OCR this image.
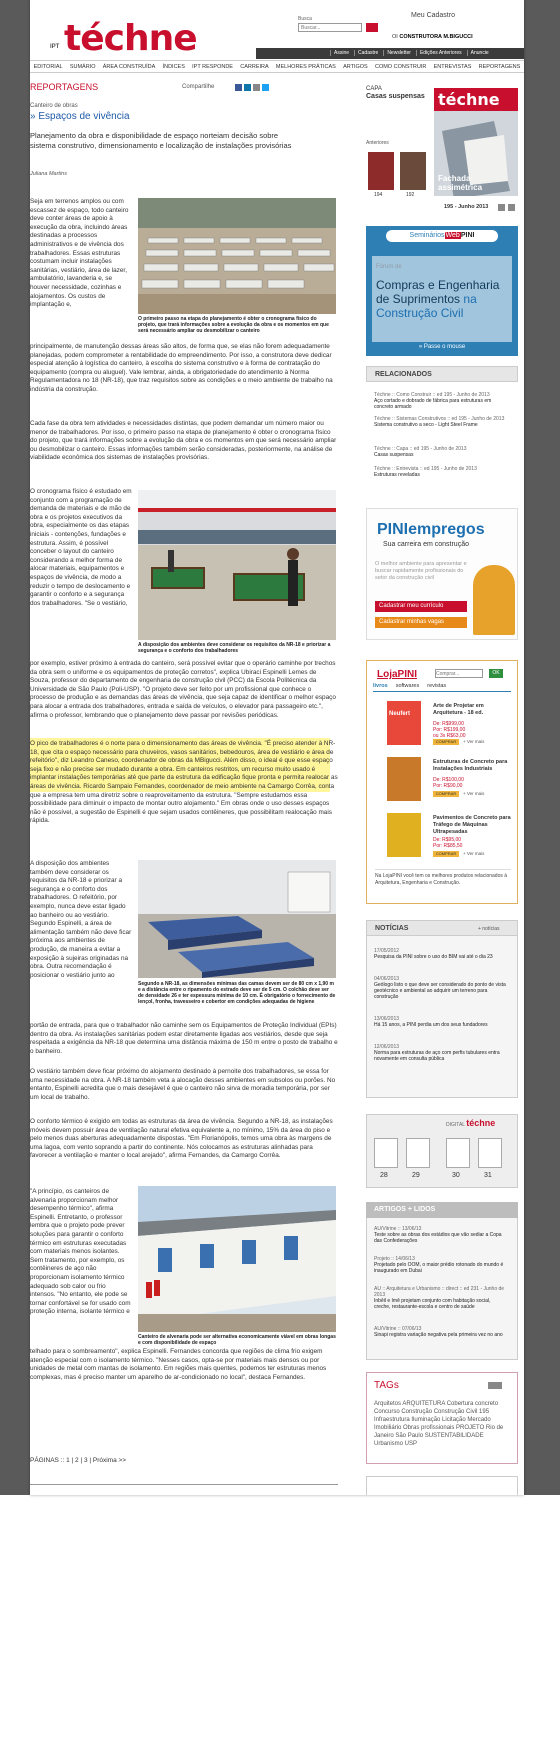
IPT téchne	Busca
Buscar...	Meu Cadastro
OI CONSTRUTORA M.BIGUCCI
Assine	Cadastre	Newsletter	Edições Anteriores	Anuncie
EDITORIAL SUMÁRIO ÁREA CONSTRUÍDA ÍNDICES IPT RESPONDE CARREIRA MELHORES PRÁTICAS ARTIGOS COMO CONSTRUIR ENTREVISTAS REPORTAGENS
REPORTAGENS	Compartilhe
Canteiro de obras
» Espaços de vivência
Planejamento da obra e disponibilidade de espaço norteiam decisão sobre sistema construtivo, dimensionamento e localização de instalações provisórias
Juliana Martins
Seja em terrenos amplos ou com escassez de espaço, todo canteiro deve conter áreas de apoio à execução da obra, incluindo áreas destinadas a processos administrativos e de vivência dos trabalhadores. Essas estruturas costumam incluir instalações sanitárias, vestiário, área de lazer, ambulatório, lavanderia e, se houver necessidade, cozinhas e alojamentos. Os custos de implantação e,
O primeiro passo na etapa do planejamento é obter o cronograma físico do projeto, que trará informações sobre a evolução da obra e os momentos em que será necessário ampliar ou desmobilizar o canteiro
principalmente, de manutenção dessas áreas são altos, de forma que, se elas não forem adequadamente planejadas, podem comprometer a rentabilidade do empreendimento. Por isso, a construtora deve dedicar especial atenção à logística do canteiro, à escolha do sistema construtivo e à forma de contratação do equipamento (compra ou aluguel). Vale lembrar, ainda, a obrigatoriedade do atendimento à Norma Regulamentadora no 18 (NR-18), que traz requisitos sobre as condições e o meio ambiente de trabalho na indústria da construção.
Cada fase da obra tem atividades e necessidades distintas, que podem demandar um número maior ou menor de trabalhadores. Por isso, o primeiro passo na etapa de planejamento é obter o cronograma físico do projeto, que trará informações sobre a evolução da obra e os momentos em que será necessário ampliar ou desmobilizar o canteiro. Essas informações também serão consideradas, posteriormente, na análise de viabilidade econômica dos sistemas de instalações provisórias.
O cronograma físico é estudado em conjunto com a programação de demanda de materiais e de mão de obra e os projetos executivos da obra, especialmente os das etapas iniciais - contenções, fundações e estrutura. Assim, é possível conceber o layout do canteiro considerando a melhor forma de alocar materiais, equipamentos e espaços de vivência, de modo a reduzir o tempo de deslocamento e garantir o conforto e a segurança dos trabalhadores. "Se o vestiário,
A disposição dos ambientes deve considerar os requisitos da NR-18 e priorizar a segurança e o conforto dos trabalhadores
por exemplo, estiver próximo à entrada do canteiro, será possível evitar que o operário caminhe por trechos da obra sem o uniforme e os equipamentos de proteção corretos", explica Ubiraci Espinelli Lemes de Souza, professor do departamento de engenharia de construção civil (PCC) da Escola Politécnica da Universidade de São Paulo (Poli-USP). "O projeto deve ser feito por um profissional que conhece o processo de produção e as demandas das áreas de vivência, que seja capaz de identificar o melhor espaço para alocar a entrada dos trabalhadores, entrada e saída de veículos, o elevador para passageiro etc.", afirma o professor, lembrando que o planejamento deve passar por revisões periódicas.
O pico de trabalhadores é o norte para o dimensionamento das áreas de vivência. "É preciso atender à NR-18, que cita o espaço necessário para chuveiros, vasos sanitários, bebedouros, área de vestiário e área de refeitório", diz Leandro Caneso, coordenador de obras da MBigucci. Além disso, o ideal é que esse espaço seja fixo e não precise ser mudado durante a obra. Em canteiros restritos, um recurso muito usado é implantar instalações temporárias até que parte da estrutura da edificação fique pronta e permita realocar as áreas de vivência. Ricardo Sampaio Fernandes, coordenador de meio ambiente na Camargo Corrêa, conta que a empresa tem uma diretriz sobre o reaproveitamento da estrutura. "Sempre estudamos essa possibilidade para diminuir o impacto de montar outro alojamento." Em obras onde o uso desses espaços não é possível, a sugestão de Espinelli é que sejam usados contêineres, que possibilitam realocação mais rápida.
A disposição dos ambientes também deve considerar os requisitos da NR-18 e priorizar a segurança e o conforto dos trabalhadores. O refeitório, por exemplo, nunca deve estar ligado ao banheiro ou ao vestiário. Segundo Espinelli, a área de alimentação também não deve ficar próxima aos ambientes de produção, de maneira a evitar a exposição à sujeiras originadas na obra. Outra recomendação é posicionar o vestiário junto ao
Segundo a NR-18, as dimensões mínimas das camas devem ser de 80 cm x 1,90 m e a distância entre o ripamento do estrado deve ser de 5 cm. O colchão deve ser de densidade 26 e ter espessura mínima de 10 cm. É obrigatório o fornecimento de lençol, fronha, travesseiro e cobertor em condições adequadas de higiene
portão de entrada, para que o trabalhador não caminhe sem os Equipamentos de Proteção Individual (EPIs) dentro da obra. As instalações sanitárias podem estar diretamente ligadas aos vestiários, desde que seja respeitada a exigência da NR-18 que determina uma distância máxima de 150 m entre o posto de trabalho e o banheiro.
O vestiário também deve ficar próximo do alojamento destinado à pernoite dos trabalhadores, se essa for uma necessidade na obra. A NR-18 também veta a alocação desses ambientes em subsolos ou porões. No entanto, Espinelli acredita que o mais desejável é que o canteiro não sirva de moradia temporária, por ser um local de trabalho.
O conforto térmico é exigido em todas as estruturas da área de vivência. Segundo a NR-18, as instalações móveis devem possuir área de ventilação natural efetiva equivalente a, no mínimo, 15% da área do piso e pelo menos duas aberturas adequadamente dispostas. "Em Florianópolis, temos uma obra às margens de uma lagoa, com vento soprando a partir do continente. Nós colocamos as estruturas alinhadas para favorecer a ventilação e manter o local arejado", afirma Fernandes, da Camargo Corrêa.
"A princípio, os canteiros de alvenaria proporcionam melhor desempenho térmico", afirma Espinelli. Entretanto, o professor lembra que o projeto pode prever soluções para garantir o conforto térmico em estruturas executadas com materiais menos isolantes. Sem tratamento, por exemplo, os contêineres de aço não proporcionam isolamento térmico adequado sob calor ou frio intensos. "No entanto, ele pode se tornar confortável se for usado com proteção interna, isolante térmico e
Canteiro de alvenaria pode ser alternativa economicamente viável em obras longas e com disponibilidade de espaço
telhado para o sombreamento", explica Espinelli. Fernandes concorda que regiões de clima frio exigem atenção especial com o isolamento térmico. "Nesses casos, opta-se por materiais mais densos ou por unidades de metal com mantas de isolamento. Em regiões mais quentes, podemos ter estruturas menos complexas, mas é preciso manter um aparelho de ar-condicionado no local", destaca Fernandes.
PÁGINAS :: 1 | 2 | 3 | Próxima >>
CAPA
Casas suspensas téchne
Fachada assimétrica
Anteriores
194	192
195 - Junho 2013
SemináriosWebPINI
Compras e Engenharia de Suprimentos na Construção Civil
» Passe o mouse
RELACIONADOS
Téchne :: Como Construir :: ed 195 - Junho de 2013
Aço cortado e dobrado de fábrica para estruturas em concreto armado
Téchne :: Sistemas Construtivos :: ed 195 - Junho de 2013
Sistema construtivo a seco - Light Steel Frame
Téchne :: Capa :: ed 195 - Junho de 2013
Casas suspensas
Téchne :: Entrevista :: ed 195 - Junho de 2013
Estruturas reveladas
PINIempregos
Sua carreira em construção
O melhor ambiente para apresentar e buscar rapidamente profissionais do setor da construção civil
Cadastrar meu currículo
Cadastrar minhas vagas
LojaPINI
Comprar...	OK
livros softwares revistas
Neufert
Arte de Projetar em Arquitetura - 18 ed.
De: R$999,00
Por: R$199,00
ou 3x R$63,00
COMPRAR	+ Ver mais
Estruturas de Concreto para Instalações Industriais
De: R$100,00
Por: R$90,00
COMPRAR	+ Ver mais
Pavimentos de Concreto para Tráfego de Máquinas Ultrapesadas
De: R$95,00
Por: R$85,50
COMPRAR	+ Ver mais
Na LojaPINI você tem os melhores produtos relacionados à Arquitetura, Engenharia e Construção.
NOTÍCIAS	+ notícias
17/05/2012
Pesquisa da PINI sobre o uso do BIM vai até o dia 23
04/06/2013
Geólogo listo o que deve ser considerado do ponto de vista geotécnico e ambiental ao adquirir um terreno para construção
13/06/2013
Há 15 anos, a PINI perdia um dos seus fundadores
12/06/2013
Norma para estruturas de aço com perfis tubulares entra novamente em consulta pública
DIGITAL téchne
28	29	30	31
ARTIGOS + LIDOS
AU/Vitrine :: 13/06/13
Teste sobre as obras dos estádios que vão sediar a Copa das Confederações
Projeto :: 14/06/13
Projetado pelo OOM, o maior prédio rotonado do mundo é inaugurado em Dubai
AU :: Arquitetura e Urbanismo :: direct :: ed 231 - Junho de 2013
Inbêil e Imê projetam conjunto com habitação social, creche, restaurante-escola e centro de saúde
AU/Vitrine :: 07/06/13
Sinapi registra variação negativa pela primeira vez no ano
TAGs
Arquitetos ARQUITETURA Cobertura concreto Concurso Construção Construção Civil 195 Infraestrutura Iluminação Licitação Mercado Imobiliário Obras profissionais PROJETO Rio de Janeiro São Paulo SUSTENTABILIDADE Urbanismo USP
